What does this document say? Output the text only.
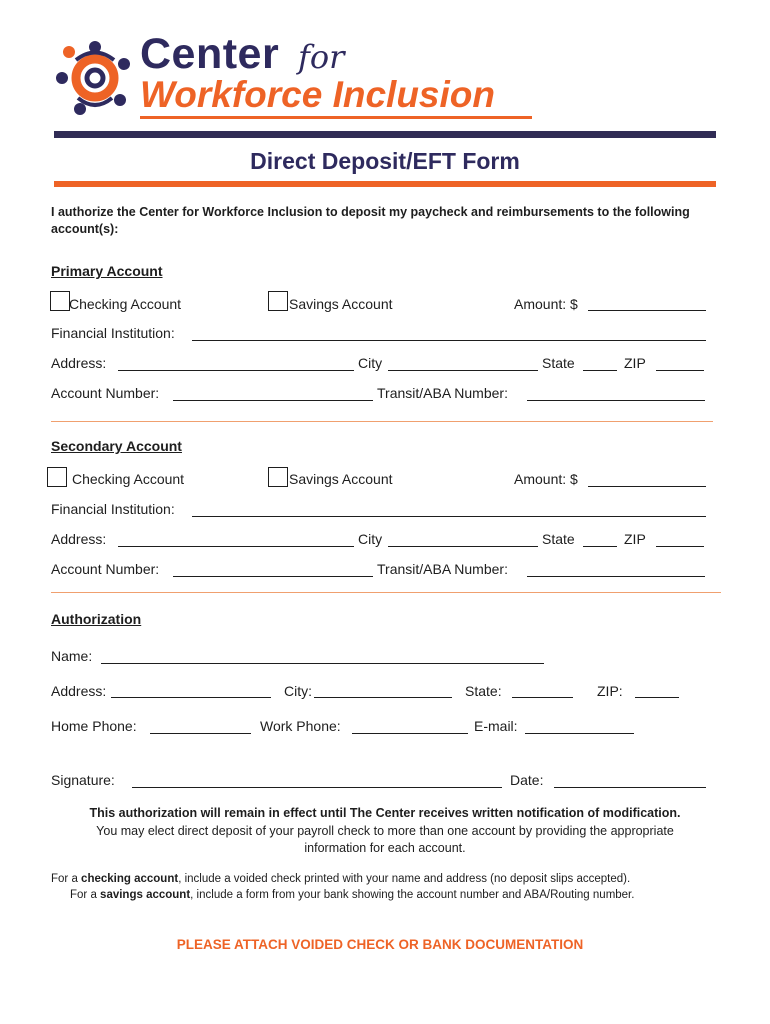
Center for
Workforce Inclusion
Direct Deposit/EFT Form
I authorize the Center for Workforce Inclusion to deposit my paycheck and reimbursements to the following account(s):
Primary Account
Checking Account	Savings Account	Amount: $
Financial Institution:
Address:	City	State	ZIP
Account Number:	Transit/ABA Number:
Secondary Account
Checking Account	Savings Account	Amount: $
Financial Institution:
Address:	City	State	ZIP
Account Number:	Transit/ABA Number:
Authorization
Name:
Address:	City:	State:	ZIP:
Home Phone:	Work Phone:	E-mail:
Signature:	Date:
This authorization will remain in effect until The Center receives written notification of modification.
You may elect direct deposit of your payroll check to more than one account by providing the appropriate
information for each account.
For a checking account, include a voided check printed with your name and address (no deposit slips accepted).
For a savings account, include a form from your bank showing the account number and ABA/Routing number.
PLEASE ATTACH VOIDED CHECK OR BANK DOCUMENTATION
